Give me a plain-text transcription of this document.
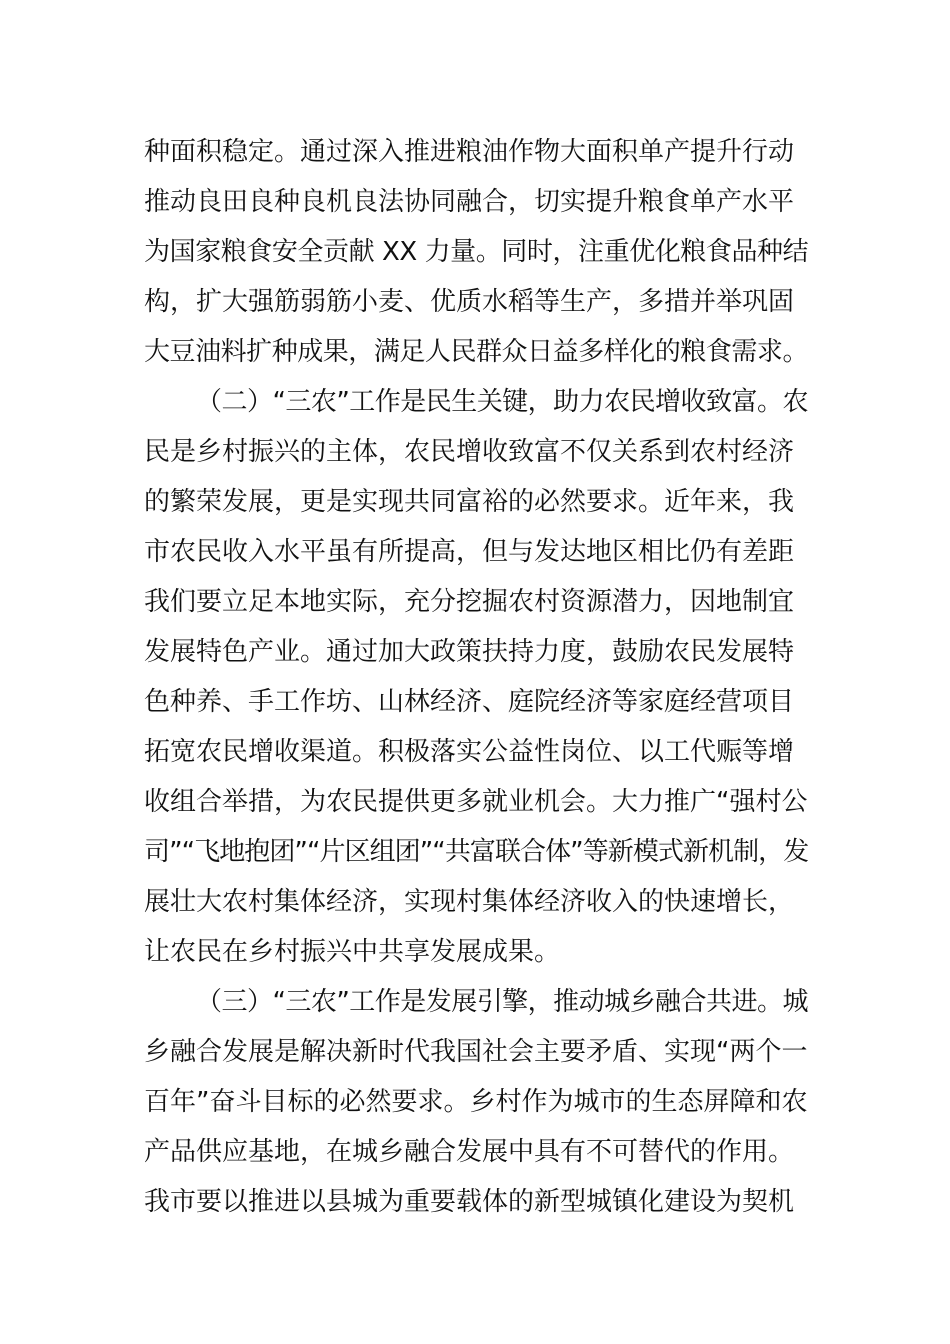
种面积稳定。通过深入推进粮油作物大面积单产提升行动
推动良田良种良机良法协同融合，切实提升粮食单产水平
为国家粮食安全贡献 XX 力量。同时，注重优化粮食品种结
构，扩大强筋弱筋小麦、优质水稻等生产，多措并举巩固
大豆油料扩种成果，满足人民群众日益多样化的粮食需求。
（二）“三农”工作是民生关键，助力农民增收致富。农
民是乡村振兴的主体，农民增收致富不仅关系到农村经济
的繁荣发展，更是实现共同富裕的必然要求。近年来，我
市农民收入水平虽有所提高，但与发达地区相比仍有差距
我们要立足本地实际，充分挖掘农村资源潜力，因地制宜
发展特色产业。通过加大政策扶持力度，鼓励农民发展特
色种养、手工作坊、山林经济、庭院经济等家庭经营项目
拓宽农民增收渠道。积极落实公益性岗位、以工代赈等增
收组合举措，为农民提供更多就业机会。大力推广“强村公
司”“飞地抱团”“片区组团”“共富联合体”等新模式新机制，发
展壮大农村集体经济，实现村集体经济收入的快速增长，
让农民在乡村振兴中共享发展成果。
（三）“三农”工作是发展引擎，推动城乡融合共进。城
乡融合发展是解决新时代我国社会主要矛盾、实现“两个一
百年”奋斗目标的必然要求。乡村作为城市的生态屏障和农
产品供应基地，在城乡融合发展中具有不可替代的作用。
我市要以推进以县城为重要载体的新型城镇化建设为契机
